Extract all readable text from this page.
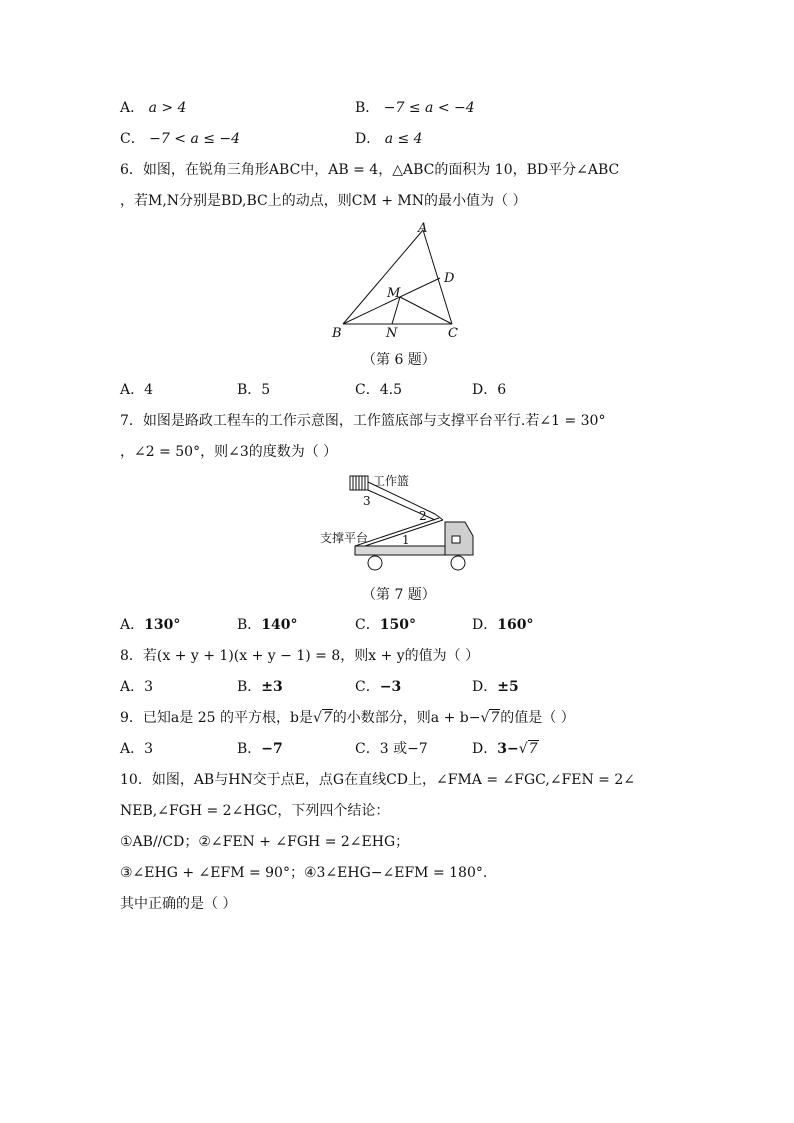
A． a > 4	B． −7 ≤ a < −4
C． −7 < a ≤ −4	D． a ≤ 4
6．如图，在锐角三角形ABC中，AB = 4，△ABC的面积为 10，BD平分∠ABC
，若M,N分别是BD,BC上的动点，则CM + MN的最小值为（ ）
A
B	C
D
M
N
（第 6 题）
A．4	B．5	C．4.5	D．6
7．如图是路政工程车的工作示意图，工作篮底部与支撑平台平行.若∠1 = 30°
，∠2 = 50°，则∠3的度数为（ ）
工作篮
支撑平台
3
2
1
（第 7 题）
A．130°	B．140°	C．150°	D．160°
8．若(x + y + 1)(x + y − 1) = 8，则x + y的值为（ ）
A．3	B．±3	C．−3	D．±5
9．已知a是 25 的平方根，b是√7的小数部分，则a + b−√7的值是（ ）
A．3	B．−7	C．3 或−7	D．3−√7
10．如图，AB与HN交于点E，点G在直线CD上，∠FMA = ∠FGC,∠FEN = 2∠
NEB,∠FGH = 2∠HGC，下列四个结论：
①AB//CD；②∠FEN + ∠FGH = 2∠EHG；
③∠EHG + ∠EFM = 90°；④3∠EHG−∠EFM = 180°.
其中正确的是（ ）
